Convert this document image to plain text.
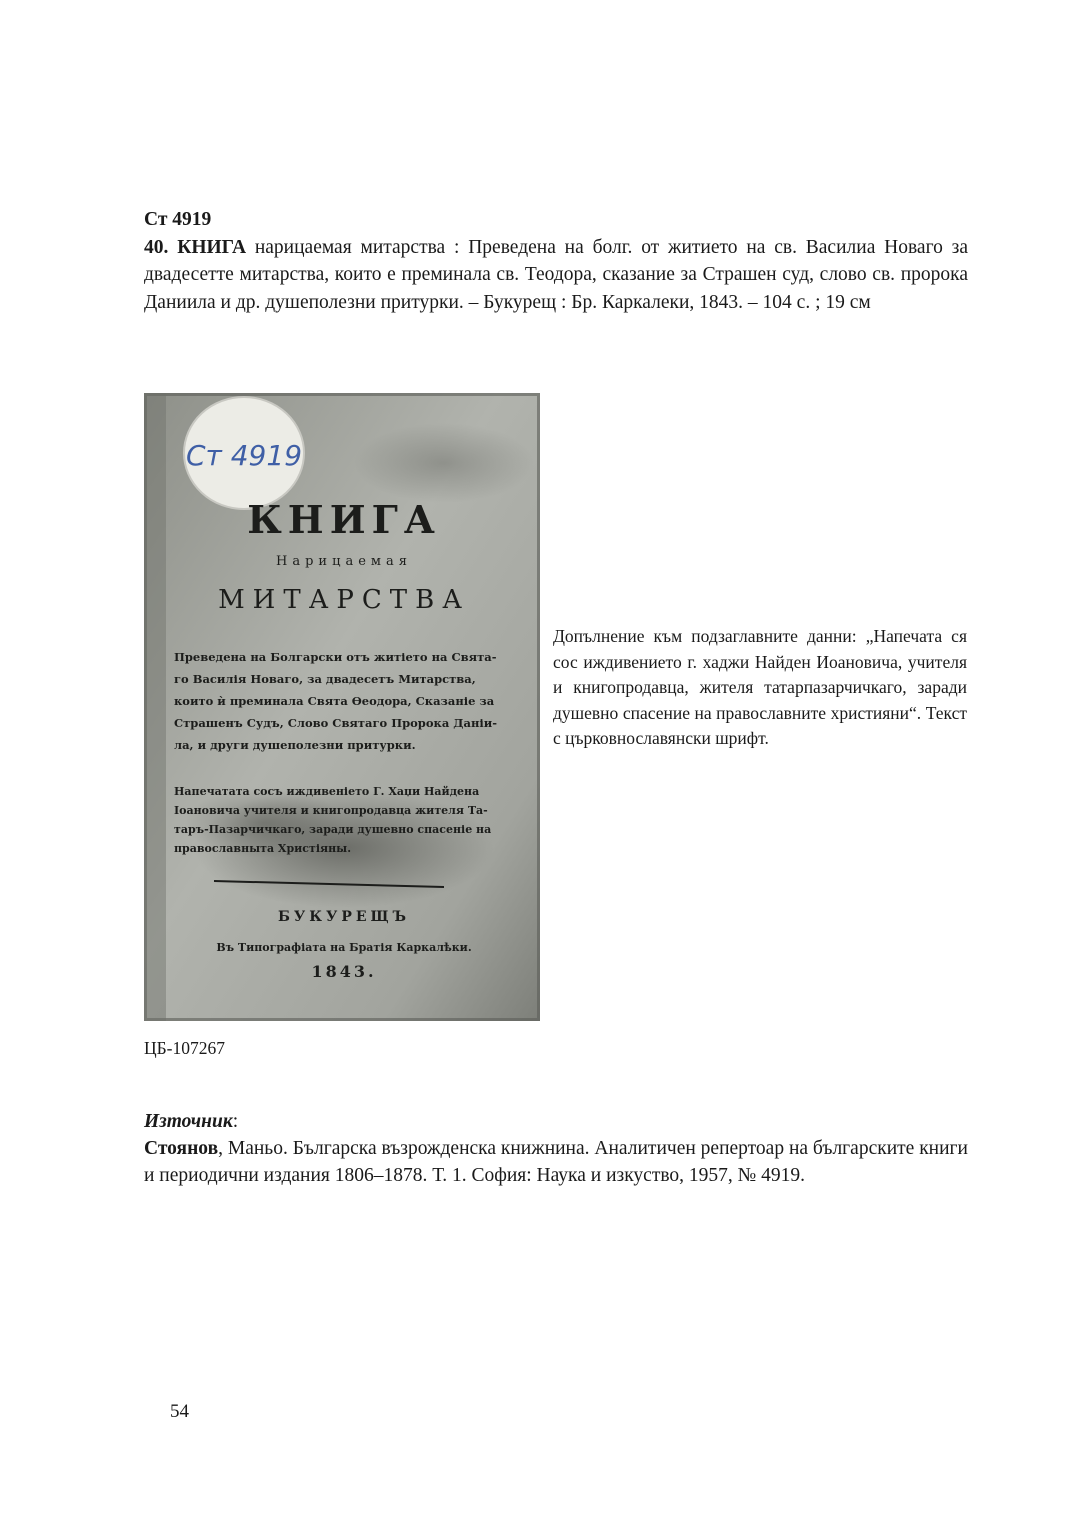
Ст 4919
40. КНИГА нарицаемая митарства : Преведена на болг. от житието на св. Василиа Новаго за двадесетте митарства, които е преминала св. Теодора, сказание за Страшен суд, слово св. пророка Даниила и др. душеполезни притурки. – Букурещ : Бр. Каркалеки, 1843. – 104 с. ; 19 см
Ст 4919
КНИГА
Нарицаемая
МИТАРСТВА
Преведена на Болгарски отъ житіето на Свята-
го Василія Новаго, за двадесетъ Митарства,
които ѝ преминала Свята Өеодора, Сказаніе за
Страшенъ Судъ, Слово Святаго Пророка Даніи-
ла, и други душеполезни притурки.
Напечатата сосъ иждивеніето Г. Хаџи Найдена
Іоановича учителя и книгопродавца жителя Та-
таръ-Пазарчичкаго, заради душевно спасеніе на
православныта Христіяны.
БУКУРЕЩЪ
Въ Типографіата на Братія Каркалѣки.
1843.
Допълнение към подзаглавните данни: „Напечата ся сос иждивението г. хаджи Найден Иоановича, учителя и книгопродавца, жителя татарпазарчичкаго, заради душевно спасение на православните християни“. Текст с църковнославянски шрифт.
ЦБ-107267
Източник:
Стоянов, Маньо. Българска възрожденска книжнина. Аналитичен репертоар на българските книги и периодични издания 1806–1878. Т. 1. София: Наука и изкуство, 1957, № 4919.
54
